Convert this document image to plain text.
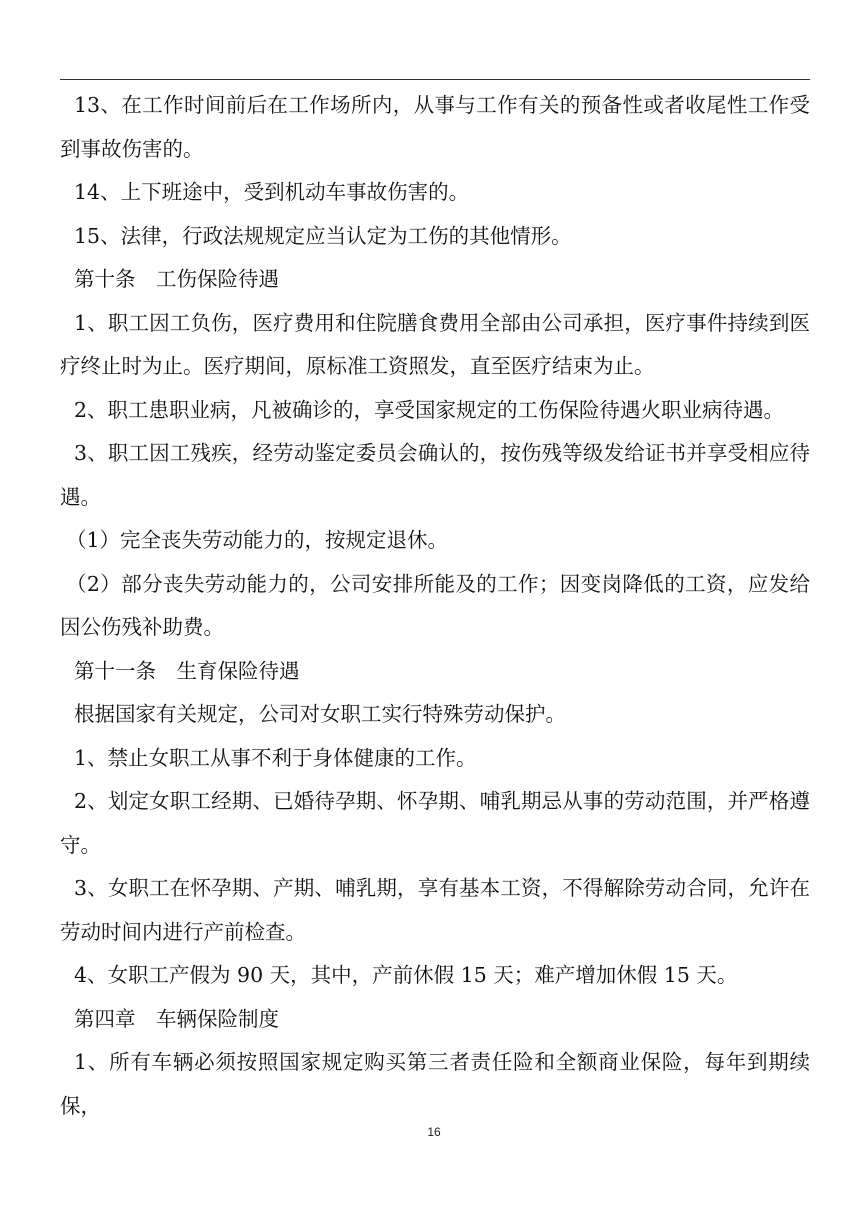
13、在工作时间前后在工作场所内，从事与工作有关的预备性或者收尾性工作受到事故伤害的。

14、上下班途中，受到机动车事故伤害的。

15、法律，行政法规规定应当认定为工伤的其他情形。

第十条　工伤保险待遇

1、职工因工负伤，医疗费用和住院膳食费用全部由公司承担，医疗事件持续到医疗终止时为止。医疗期间，原标准工资照发，直至医疗结束为止。

2、职工患职业病，凡被确诊的，享受国家规定的工伤保险待遇火职业病待遇。

3、职工因工残疾，经劳动鉴定委员会确认的，按伤残等级发给证书并享受相应待遇。

（1）完全丧失劳动能力的，按规定退休。

（2）部分丧失劳动能力的，公司安排所能及的工作；因变岗降低的工资，应发给因公伤残补助费。

第十一条　生育保险待遇

根据国家有关规定，公司对女职工实行特殊劳动保护。

1、禁止女职工从事不利于身体健康的工作。

2、划定女职工经期、已婚待孕期、怀孕期、哺乳期忌从事的劳动范围，并严格遵守。

3、女职工在怀孕期、产期、哺乳期，享有基本工资，不得解除劳动合同，允许在劳动时间内进行产前检查。

4、女职工产假为 90 天，其中，产前休假 15 天；难产增加休假 15 天。

第四章　车辆保险制度

1、所有车辆必须按照国家规定购买第三者责任险和全额商业保险，每年到期续保，

16
